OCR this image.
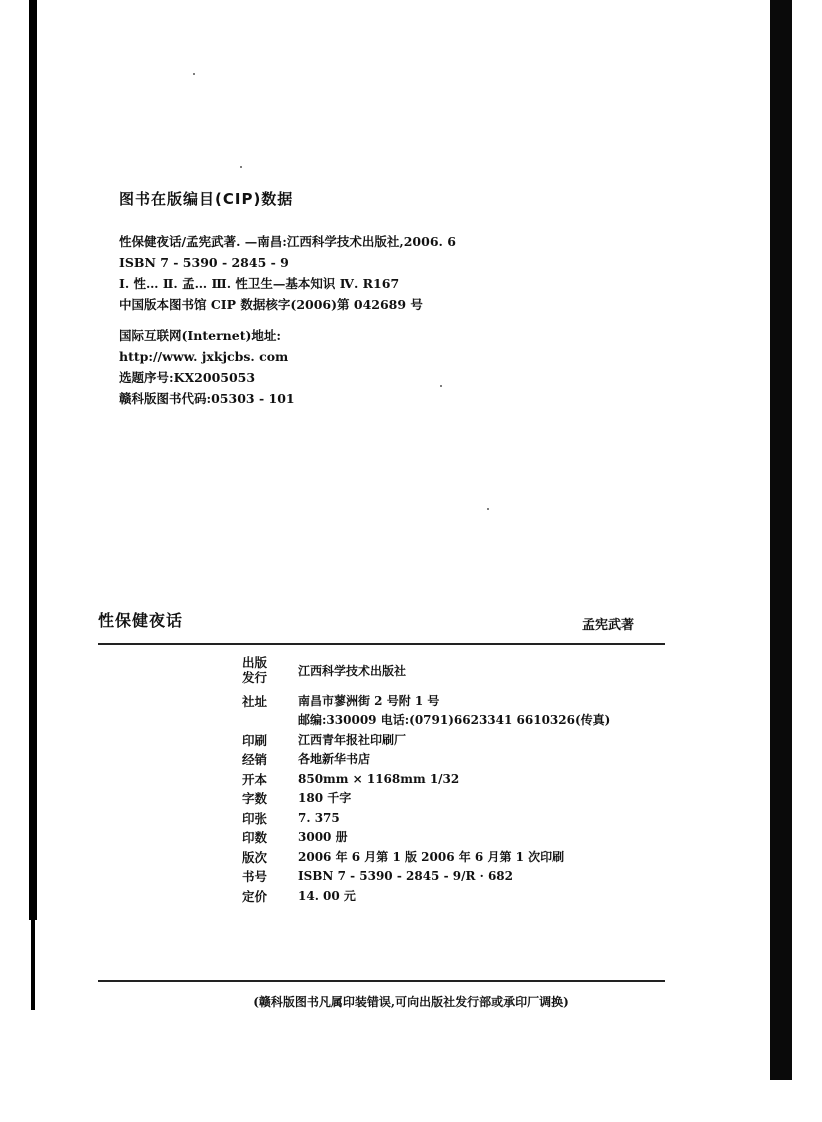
图书在版编目(CIP)数据
性保健夜话/孟宪武著. —南昌:江西科学技术出版社,2006. 6
ISBN 7 - 5390 - 2845 - 9
Ⅰ. 性… Ⅱ. 孟… Ⅲ. 性卫生—基本知识 Ⅳ. R167
中国版本图书馆 CIP 数据核字(2006)第 042689 号
国际互联网(Internet)地址:
http://www. jxkjcbs. com
选题序号:KX2005053
赣科版图书代码:05303 - 101
性保健夜话	孟宪武著
出版
发行	江西科学技术出版社
社址	南昌市蓼洲街 2 号附 1 号
	邮编:330009 电话:(0791)6623341 6610326(传真)
印刷	江西青年报社印刷厂
经销	各地新华书店
开本	850mm × 1168mm 1/32
字数	180 千字
印张	7. 375
印数	3000 册
版次	2006 年 6 月第 1 版 2006 年 6 月第 1 次印刷
书号	ISBN 7 - 5390 - 2845 - 9/R · 682
定价	14. 00 元
(赣科版图书凡属印装错误,可向出版社发行部或承印厂调换)
